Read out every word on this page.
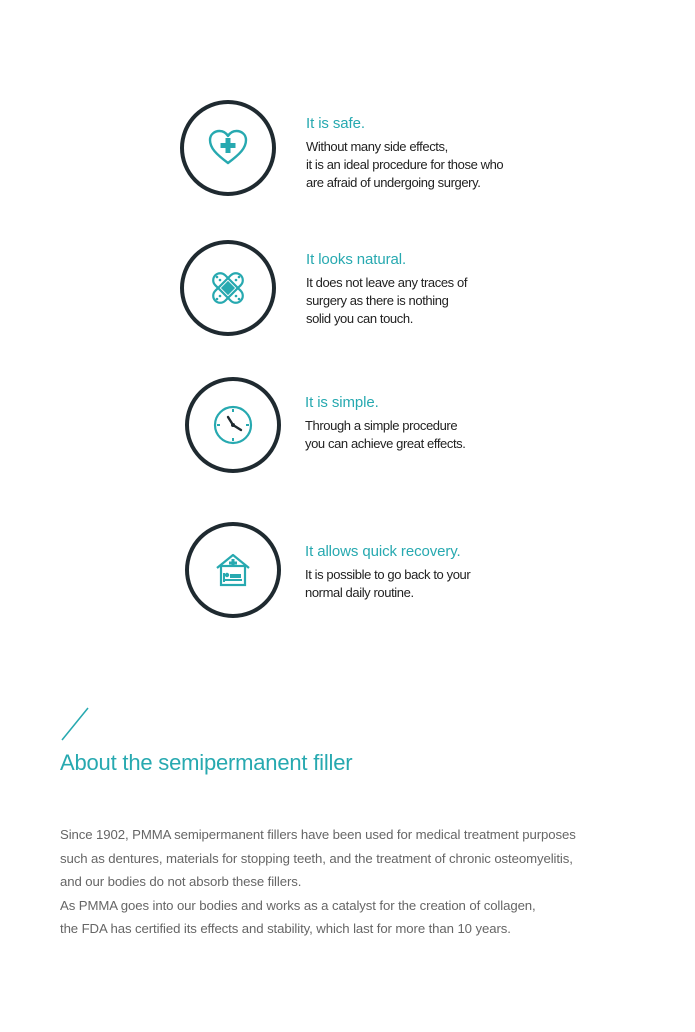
It is safe.

Without many side effects,
it is an ideal procedure for those who
are afraid of undergoing surgery.

It looks natural.

It does not leave any traces of
surgery as there is nothing
solid you can touch.

It is simple.

Through a simple procedure
you can achieve great effects.

It allows quick recovery.

It is possible to go back to your
normal daily routine.

About the semipermanent filler

Since 1902, PMMA semipermanent fillers have been used for medical treatment purposes
such as dentures, materials for stopping teeth, and the treatment of chronic osteomyelitis,
and our bodies do not absorb these fillers.
As PMMA goes into our bodies and works as a catalyst for the creation of collagen,
the FDA has certified its effects and stability, which last for more than 10 years.
